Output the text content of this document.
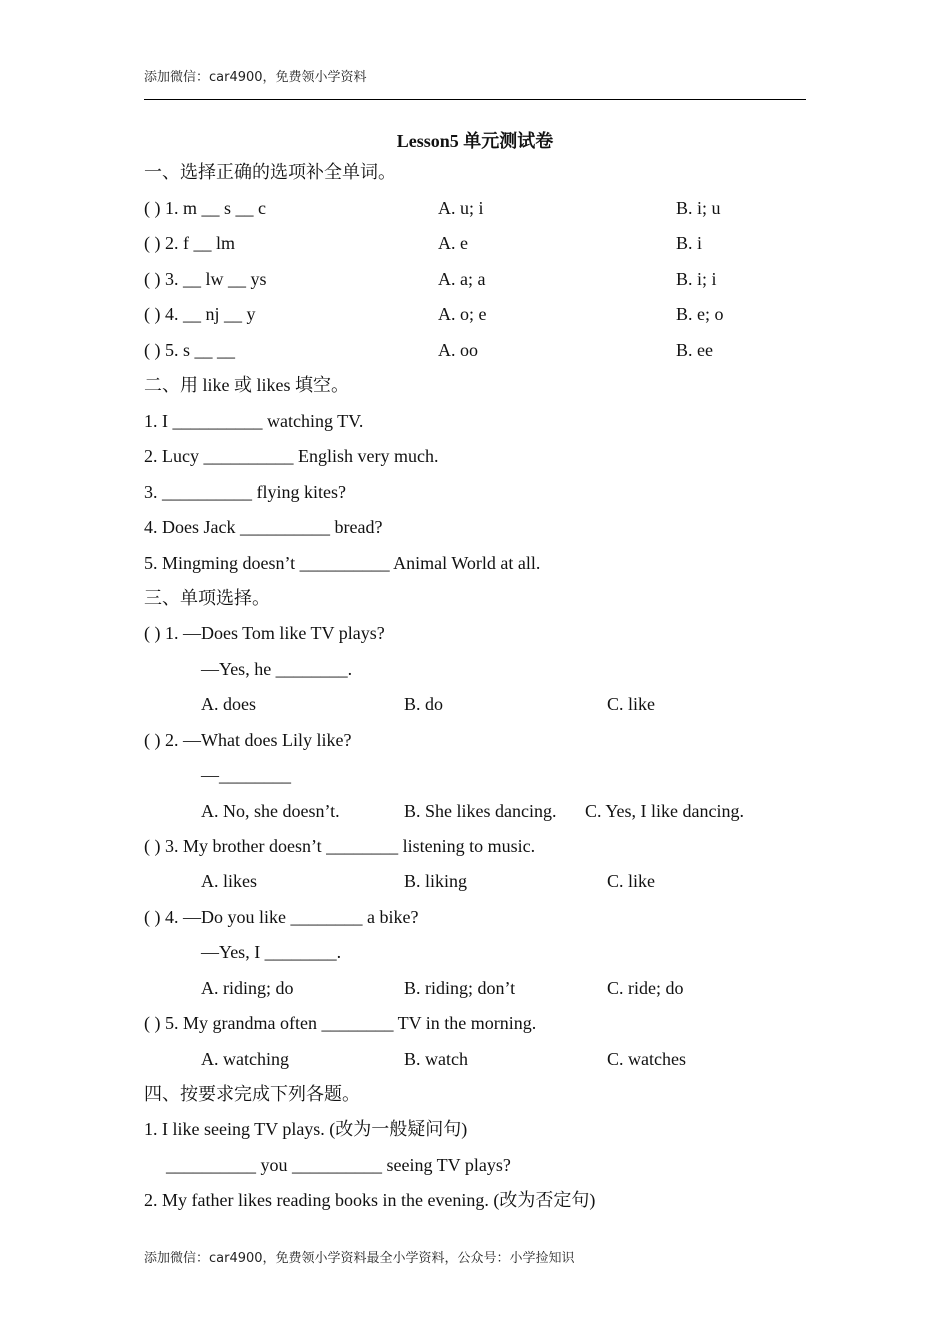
添加微信：car4900，免费领小学资料
Lesson5 单元测试卷
一、选择正确的选项补全单词。
( ) 1. m __ s __ c	A. u; i	B. i; u
( ) 2. f __ lm	A. e	B. i
( ) 3. __ lw __ ys	A. a; a	B. i; i
( ) 4. __ nj __ y	A. o; e	B. e; o
( ) 5. s __ __	A. oo	B. ee
二、用 like 或 likes 填空。
1. I __________ watching TV.
2. Lucy __________ English very much.
3. __________ flying kites?
4. Does Jack __________ bread?
5. Mingming doesn’t __________ Animal World at all.
三、单项选择。
( ) 1. —Does Tom like TV plays?
—Yes, he ________.
A. does	B. do	C. like
( ) 2. —What does Lily like?
—________
A. No, she doesn’t.	B. She likes dancing. C. Yes, I like dancing.
( ) 3. My brother doesn’t ________ listening to music.
A. likes	B. liking	C. like
( ) 4. —Do you like ________ a bike?
—Yes, I ________.
A. riding; do	B. riding; don’t	C. ride; do
( ) 5. My grandma often ________ TV in the morning.
A. watching	B. watch	C. watches
四、按要求完成下列各题。
1. I like seeing TV plays. (改为一般疑问句)
__________ you __________ seeing TV plays?
2. My father likes reading books in the evening. (改为否定句)
添加微信：car4900，免费领小学资料最全小学资料，公众号：小学捡知识
